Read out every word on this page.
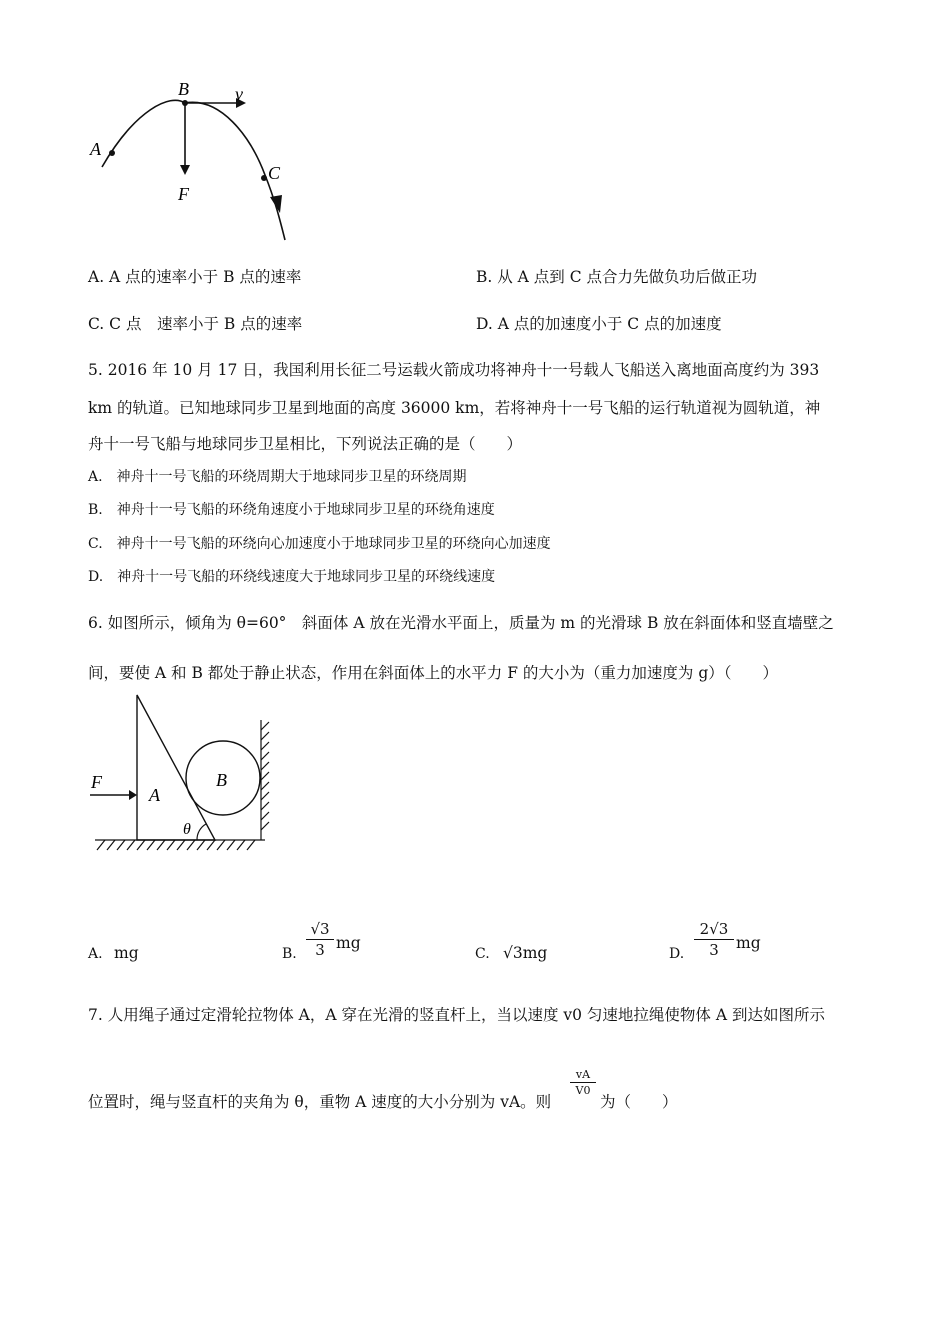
A
B	v
F
C
A. A 点的速率小于 B 点的速率	B. 从 A 点到 C 点合力先做负功后做正功
C. C 点　速率小于 B 点的速率	D. A 点的加速度小于 C 点的加速度
5. 2016 年 10 月 17 日，我国利用长征二号运载火箭成功将神舟十一号载人飞船送入离地面高度约为 393
km 的轨道。已知地球同步卫星到地面的高度 36000 km，若将神舟十一号飞船的运行轨道视为圆轨道，神
舟十一号飞船与地球同步卫星相比，下列说法正确的是（　　）
A.　神舟十一号飞船的环绕周期大于地球同步卫星的环绕周期
B.　神舟十一号飞船的环绕角速度小于地球同步卫星的环绕角速度
C.　神舟十一号飞船的环绕向心加速度小于地球同步卫星的环绕向心加速度
D.　神舟十一号飞船的环绕线速度大于地球同步卫星的环绕线速度
6. 如图所示，倾角为 θ=60°　斜面体 A 放在光滑水平面上，质量为 m 的光滑球 B 放在斜面体和竖直墙壁之
间，要使 A 和 B 都处于静止状态，作用在斜面体上的水平力 F 的大小为（重力加速度为 g）（　　）
F
A
B
θ
A. mg	B.
√3
3 mg
C. √3mg	D.
2√3
3	mg
7. 人用绳子通过定滑轮拉物体 A，A 穿在光滑的竖直杆上，当以速度 v0 匀速地拉绳使物体 A 到达如图所示
位置时，绳与竖直杆的夹角为 θ，重物 A 速度的大小分别为 vA。则
vA
V0
为（　　）
